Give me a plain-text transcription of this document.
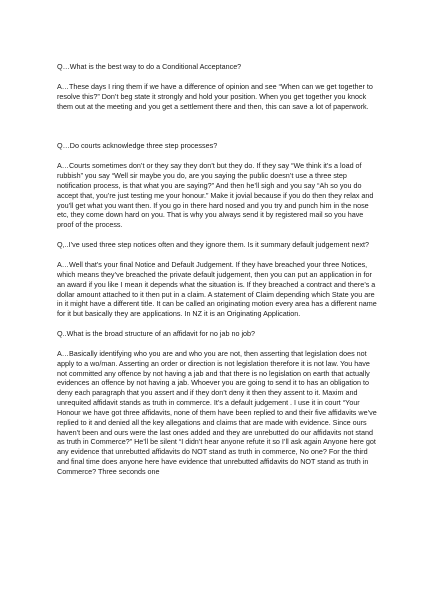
Q…What is the best way to do a Conditional Acceptance?

A…These days I ring them if we have a difference of opinion and see “When can we get together to resolve this?” Don’t beg state it strongly and hold your position. When you get together you knock them out at the meeting and you get a settlement there and then, this can save a lot of paperwork.

Q…Do courts acknowledge three step processes?

A…Courts sometimes don’t or they say they don’t but they do. If they say “We think it’s a load of rubbish” you say “Well sir maybe you do, are you saying the public doesn’t use a three step notification process, is that what you are saying?” And then he’ll sigh and you say “Ah so you do accept that, you’re just testing me your honour.” Make it jovial because if you do then they relax and you’ll get what you want then. If you go in there hard nosed and you try and punch him in the nose etc, they come down hard on you. That is why you always send it by registered mail so you have proof of the process.

Q,..I’ve used three step notices often and they ignore them. Is it summary default judgement next?

A…Well that’s your final Notice and Default Judgement. If they have breached your three Notices, which means they’ve breached the private default judgement, then you can put an application in for an award if you like I mean it depends what the situation is. If they breached a contract and there’s a dollar amount attached to it then put in a claim. A statement of Claim depending which State you are in it might have a different title. It can be called an originating motion every area has a different name for it but basically they are applications. In NZ it is an Originating Application.

Q..What is the broad structure of an affidavit for no jab no job?

A…Basically identifying who you are and who you are not, then asserting that legislation does not apply to a wo/man. Asserting an order or direction is not legislation therefore it is not law. You have not committed any offence by not having a jab and that there is no legislation on earth that actually evidences an offence by not having a jab. Whoever you are going to send it to has an obligation to deny each paragraph that you assert and if they don’t deny it then they assent to it. Maxim and unrequited affidavit stands as truth in commerce. It’s a default judgement . I use it in court “Your Honour we have got three affidavits, none of them have been replied to and their five affidavits we’ve replied to it and denied all the key allegations and claims that are made with evidence. Since ours haven’t been and ours were the last ones added and they are unrebutted do our affidavits not stand as truth in Commerce?” He’ll be silent “I didn’t hear anyone refute it so I’ll ask again Anyone here got any evidence that unrebutted affidavits do NOT stand as truth in commerce, No one? For the third and final time does anyone here have evidence that unrebutted affidavits do NOT stand as truth in Commerce? Three seconds one
